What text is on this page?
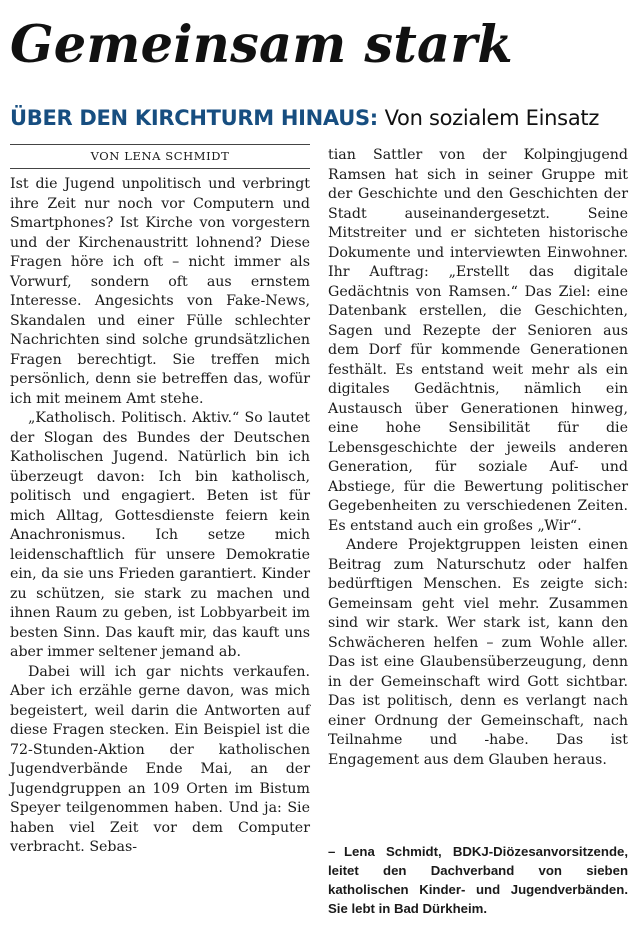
Gemeinsam stark
ÜBER DEN KIRCHTURM HINAUS: Von sozialem Einsatz
VON LENA SCHMIDT

Ist die Jugend unpolitisch und verbringt ihre Zeit nur noch vor Computern und Smartphones? Ist Kirche von vorgestern und der Kirchenaustritt lohnend? Diese Fragen höre ich oft – nicht immer als Vorwurf, sondern oft aus ernstem Interesse. Angesichts von Fake-News, Skandalen und einer Fülle schlechter Nachrichten sind solche grundsätzlichen Fragen berechtigt. Sie treffen mich persönlich, denn sie betreffen das, wofür ich mit meinem Amt stehe.

„Katholisch. Politisch. Aktiv.“ So lautet der Slogan des Bundes der Deutschen Katholischen Jugend. Natürlich bin ich überzeugt davon: Ich bin katholisch, politisch und engagiert. Beten ist für mich Alltag, Gottesdienste feiern kein Anachronismus. Ich setze mich leidenschaftlich für unsere Demokratie ein, da sie uns Frieden garantiert. Kinder zu schützen, sie stark zu machen und ihnen Raum zu geben, ist Lobbyarbeit im besten Sinn. Das kauft mir, das kauft uns aber immer seltener jemand ab.

Dabei will ich gar nichts verkaufen. Aber ich erzähle gerne davon, was mich begeistert, weil darin die Antworten auf diese Fragen stecken. Ein Beispiel ist die 72-Stunden-Aktion der katholischen Jugendverbände Ende Mai, an der Jugendgruppen an 109 Orten im Bistum Speyer teilgenommen haben. Und ja: Sie haben viel Zeit vor dem Computer verbracht. Sebas-

tian Sattler von der Kolpingjugend Ramsen hat sich in seiner Gruppe mit der Geschichte und den Geschichten der Stadt auseinandergesetzt. Seine Mitstreiter und er sichteten historische Dokumente und interviewten Einwohner. Ihr Auftrag: „Erstellt das digitale Gedächtnis von Ramsen.“ Das Ziel: eine Datenbank erstellen, die Geschichten, Sagen und Rezepte der Senioren aus dem Dorf für kommende Generationen festhält. Es entstand weit mehr als ein digitales Gedächtnis, nämlich ein Austausch über Generationen hinweg, eine hohe Sensibilität für die Lebensgeschichte der jeweils anderen Generation, für soziale Auf- und Abstiege, für die Bewertung politischer Gegebenheiten zu verschiedenen Zeiten. Es entstand auch ein großes „Wir“.

Andere Projektgruppen leisten einen Beitrag zum Naturschutz oder halfen bedürftigen Menschen. Es zeigte sich: Gemeinsam geht viel mehr. Zusammen sind wir stark. Wer stark ist, kann den Schwächeren helfen – zum Wohle aller. Das ist eine Glaubensüberzeugung, denn in der Gemeinschaft wird Gott sichtbar. Das ist politisch, denn es verlangt nach einer Ordnung der Gemeinschaft, nach Teilnahme und -habe. Das ist Engagement aus dem Glauben heraus.

– Lena Schmidt, BDKJ-Diözesanvorsitzende, leitet den Dachverband von sieben katholischen Kinder- und Jugendverbänden. Sie lebt in Bad Dürkheim.
